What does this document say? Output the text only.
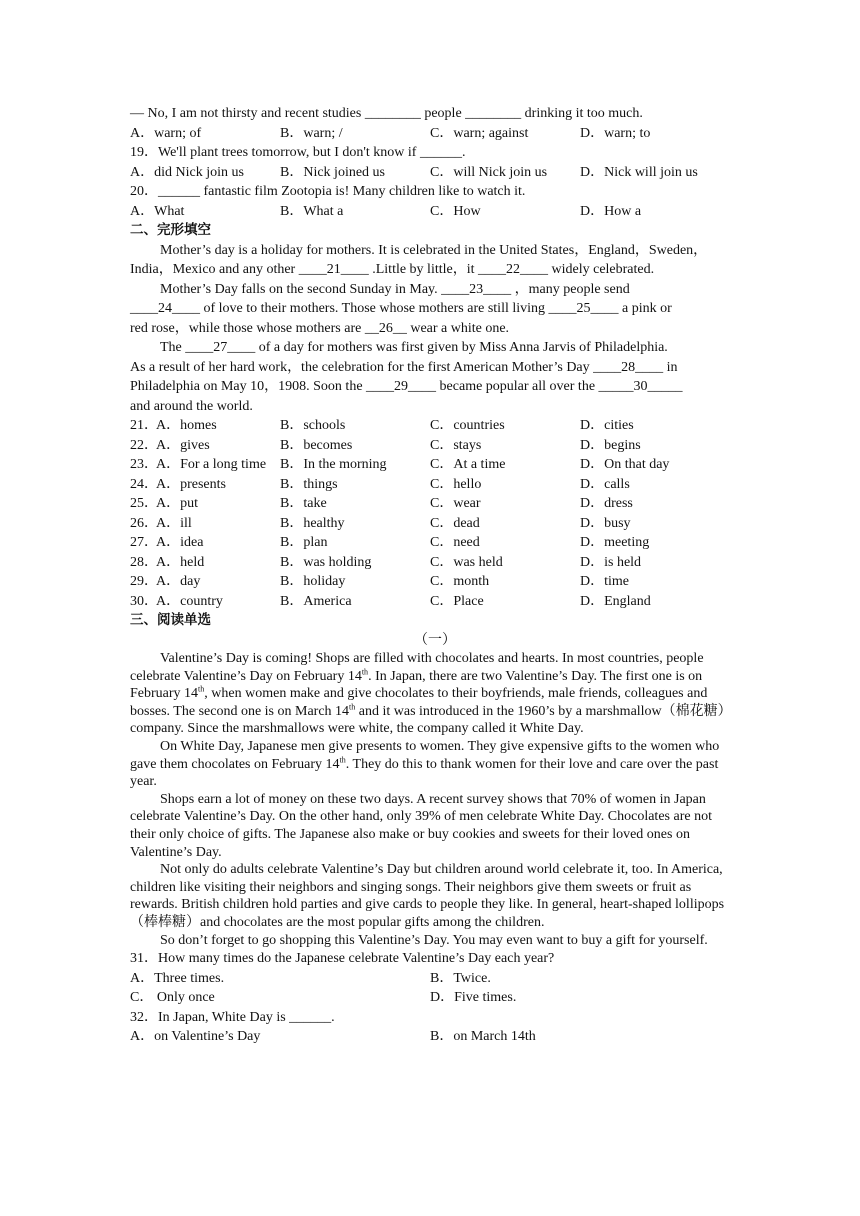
— No, I am not thirsty and recent studies ________ people ________ drinking it too much.
A．warn; of	B．warn; /	C．warn; against	D．warn; to
19．We'll plant trees tomorrow, but I don't know if ______.
A．did Nick join us	B．Nick joined us	C．will Nick join us	D．Nick will join us
20．______ fantastic film Zootopia is! Many children like to watch it.
A．What	B．What a	C．How	D．How a
二、完形填空
Mother’s day is a holiday for mothers. It is celebrated in the United States，England，Sweden，
India，Mexico and any other ____21____ .Little by little，it ____22____ widely celebrated.
Mother’s Day falls on the second Sunday in May. ____23____ ，many people send
____24____ of love to their mothers. Those whose mothers are still living ____25____ a pink or
red rose，while those whose mothers are __26__ wear a white one.
The ____27____ of a day for mothers was first given by Miss Anna Jarvis of Philadelphia.
As a result of her hard work，the celebration for the first American Mother’s Day ____28____ in
Philadelphia on May 10，1908. Soon the ____29____ became popular all over the _____30_____
and around the world.
21．A．homes	B．schools	C．countries	D．cities
22．A．gives	B．becomes	C．stays	D．begins
23．A．For a long time B．In the morning	C．At a time	D．On that day
24．A．presents	B．things	C．hello	D．calls
25．A．put	B．take	C．wear	D．dress
26．A．ill	B．healthy	C．dead	D．busy
27．A．idea	B．plan	C．need	D．meeting
28．A．held	B．was holding	C．was held	D．is held
29．A．day	B．holiday	C．month	D．time
30．A．country	B．America	C．Place	D．England
三、阅读单选
（一）
Valentine’s Day is coming! Shops are filled with chocolates and hearts. In most countries, people celebrate Valentine’s Day on February 14th. In Japan, there are two Valentine’s Day. The first one is on February 14th, when women make and give chocolates to their boyfriends, male friends, colleagues and bosses. The second one is on March 14th and it was introduced in the 1960’s by a marshmallow（棉花糖）company. Since the marshmallows were white, the company called it White Day.
On White Day, Japanese men give presents to women. They give expensive gifts to the women who gave them chocolates on February 14th. They do this to thank women for their love and care over the past year.
Shops earn a lot of money on these two days. A recent survey shows that 70% of women in Japan celebrate Valentine’s Day. On the other hand, only 39% of men celebrate White Day. Chocolates are not their only choice of gifts. The Japanese also make or buy cookies and sweets for their loved ones on Valentine’s Day.
Not only do adults celebrate Valentine’s Day but children around world celebrate it, too. In America, children like visiting their neighbors and singing songs. Their neighbors give them sweets or fruit as rewards. British children hold parties and give cards to people they like. In general, heart-shaped lollipops（棒棒糖）and chocolates are the most popular gifts among the children.
So don’t forget to go shopping this Valentine’s Day. You may even want to buy a gift for yourself.
31．How many times do the Japanese celebrate Valentine’s Day each year?
A．Three times.	B．Twice.
C． Only once	D．Five times.
32．In Japan, White Day is ______.
A．on Valentine’s Day	B．on March 14th
